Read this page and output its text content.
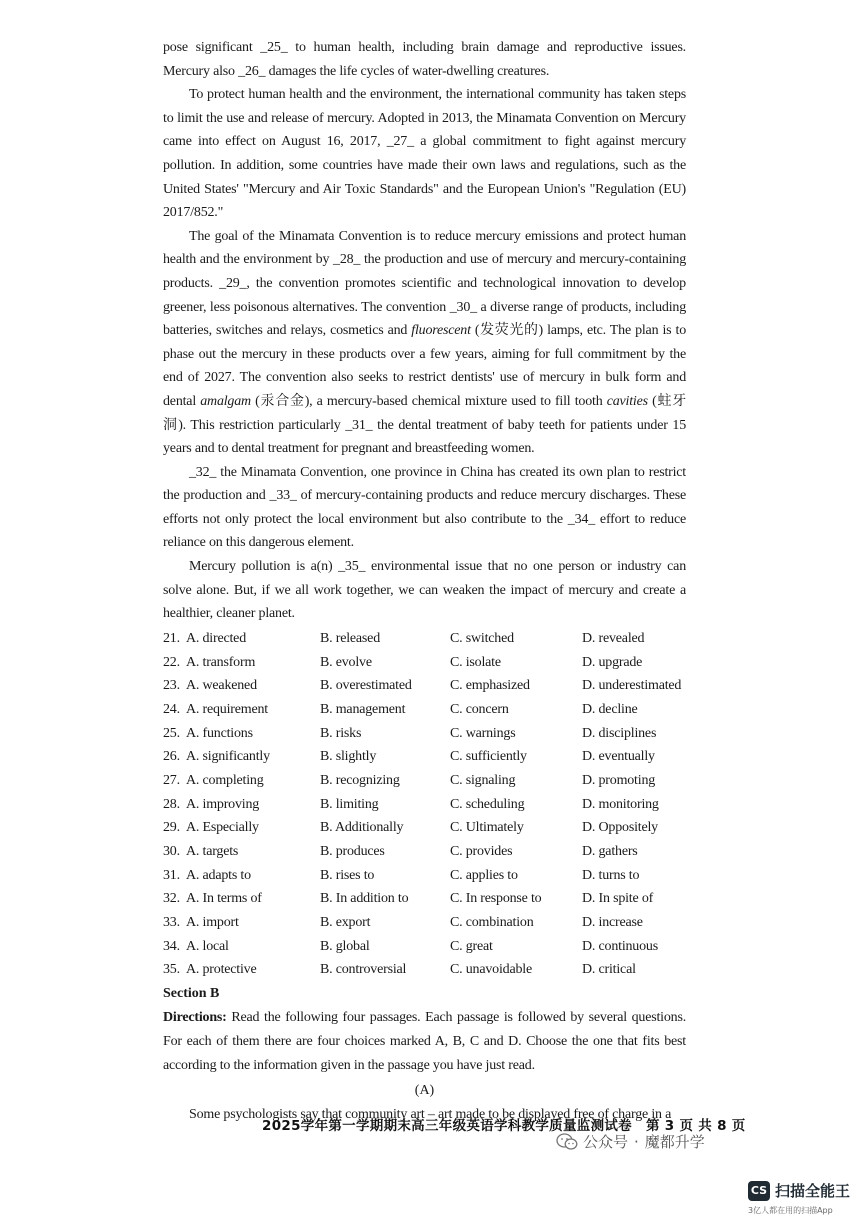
pose significant _25_ to human health, including brain damage and reproductive issues. Mercury also _26_ damages the life cycles of water-dwelling creatures.

To protect human health and the environment, the international community has taken steps to limit the use and release of mercury. Adopted in 2013, the Minamata Convention on Mercury came into effect on August 16, 2017, _27_ a global commitment to fight against mercury pollution. In addition, some countries have made their own laws and regulations, such as the United States' "Mercury and Air Toxic Standards" and the European Union's "Regulation (EU) 2017/852."

The goal of the Minamata Convention is to reduce mercury emissions and protect human health and the environment by _28_ the production and use of mercury and mercury-containing products. _29_, the convention promotes scientific and technological innovation to develop greener, less poisonous alternatives. The convention _30_ a diverse range of products, including batteries, switches and relays, cosmetics and fluorescent (发荧光的) lamps, etc. The plan is to phase out the mercury in these products over a few years, aiming for full commitment by the end of 2027. The convention also seeks to restrict dentists' use of mercury in bulk form and dental amalgam (汞合金), a mercury-based chemical mixture used to fill tooth cavities (蛀牙洞). This restriction particularly _31_ the dental treatment of baby teeth for patients under 15 years and to dental treatment for pregnant and breastfeeding women.

_32_ the Minamata Convention, one province in China has created its own plan to restrict the production and _33_ of mercury-containing products and reduce mercury discharges. These efforts not only protect the local environment but also contribute to the _34_ effort to reduce reliance on this dangerous element.

Mercury pollution is a(n) _35_ environmental issue that no one person or industry can solve alone. But, if we all work together, we can weaken the impact of mercury and create a healthier, cleaner planet.

21. A. directed	B. released	C. switched	D. revealed
22. A. transform	B. evolve	C. isolate	D. upgrade
23. A. weakened	B. overestimated	C. emphasized	D. underestimated
24. A. requirement	B. management	C. concern	D. decline
25. A. functions	B. risks	C. warnings	D. disciplines
26. A. significantly	B. slightly	C. sufficiently	D. eventually
27. A. completing	B. recognizing	C. signaling	D. promoting
28. A. improving	B. limiting	C. scheduling	D. monitoring
29. A. Especially	B. Additionally	C. Ultimately	D. Oppositely
30. A. targets	B. produces	C. provides	D. gathers
31. A. adapts to	B. rises to	C. applies to	D. turns to
32. A. In terms of	B. In addition to	C. In response to	D. In spite of
33. A. import	B. export	C. combination	D. increase
34. A. local	B. global	C. great	D. continuous
35. A. protective	B. controversial	C. unavoidable	D. critical
Section B
Directions: Read the following four passages. Each passage is followed by several questions. For each of them there are four choices marked A, B, C and D. Choose the one that fits best according to the information given in the passage you have just read.
(A)

Some psychologists say that community art – art made to be displayed free of charge in a

2025学年第一学期期末高三年级英语学科教学质量监测试卷 第 3 页 共 8 页
公众号 · 魔都升学
CS 扫描全能王
3亿人都在用的扫描App
